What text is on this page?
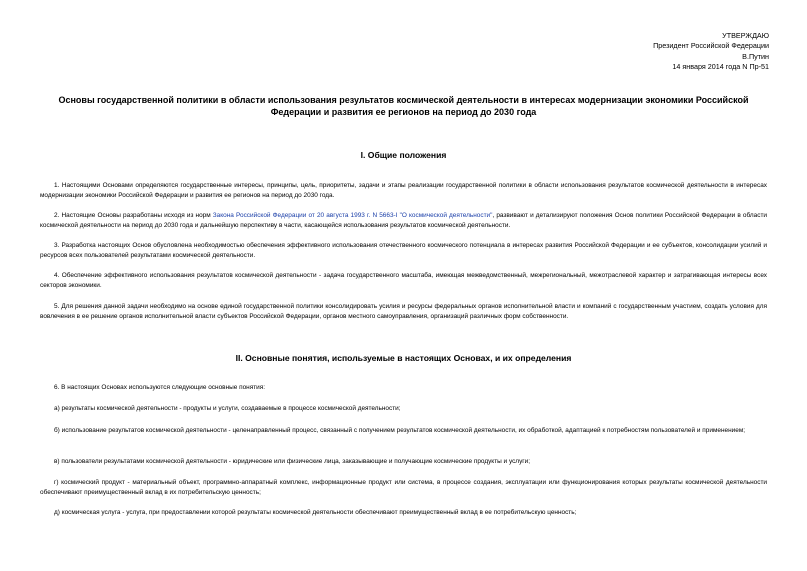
УТВЕРЖДАЮ
Президент Российской Федерации
В.Путин
14 января 2014 года N Пр-51
Основы государственной политики в области использования результатов космической деятельности в интересах модернизации экономики Российской
Федерации и развития ее регионов на период до 2030 года
I. Общие положения
1. Настоящими Основами определяются государственные интересы, принципы, цель, приоритеты, задачи и этапы реализации государственной политики в области использования результатов космической деятельности в интересах модернизации экономики Российской Федерации и развития ее регионов на период до 2030 года.
2. Настоящие Основы разработаны исходя из норм Закона Российской Федерации от 20 августа 1993 г. N 5663-I "О космической деятельности", развивают и детализируют положения Основ политики Российской Федерации в области космической деятельности на период до 2030 года и дальнейшую перспективу в части, касающейся использования результатов космической деятельности.
3. Разработка настоящих Основ обусловлена необходимостью обеспечения эффективного использования отечественного космического потенциала в интересах развития Российской Федерации и ее субъектов, консолидации усилий и ресурсов всех пользователей результатами космической деятельности.
4. Обеспечение эффективного использования результатов космической деятельности - задача государственного масштаба, имеющая межведомственный, межрегиональный, межотраслевой характер и затрагивающая интересы всех секторов экономики.
5. Для решения данной задачи необходимо на основе единой государственной политики консолидировать усилия и ресурсы федеральных органов исполнительной власти и компаний с государственным участием, создать условия для вовлечения в ее решение органов исполнительной власти субъектов Российской Федерации, органов местного самоуправления, организаций различных форм собственности.
II. Основные понятия, используемые в настоящих Основах, и их определения
6. В настоящих Основах используются следующие основные понятия:
а) результаты космической деятельности - продукты и услуги, создаваемые в процессе космической деятельности;
б) использование результатов космической деятельности - целенаправленный процесс, связанный с получением результатов космической деятельности, их обработкой, адаптацией к потребностям пользователей и применением;
в) пользователи результатами космической деятельности - юридические или физические лица, заказывающие и получающие космические продукты и услуги;
г) космический продукт - материальный объект, программно-аппаратный комплекс, информационные продукт или система, в процессе создания, эксплуатации или функционирования которых результаты космической деятельности обеспечивают преимущественный вклад в их потребительскую ценность;
д) космическая услуга - услуга, при предоставлении которой результаты космической деятельности обеспечивают преимущественный вклад в ее потребительскую ценность;
